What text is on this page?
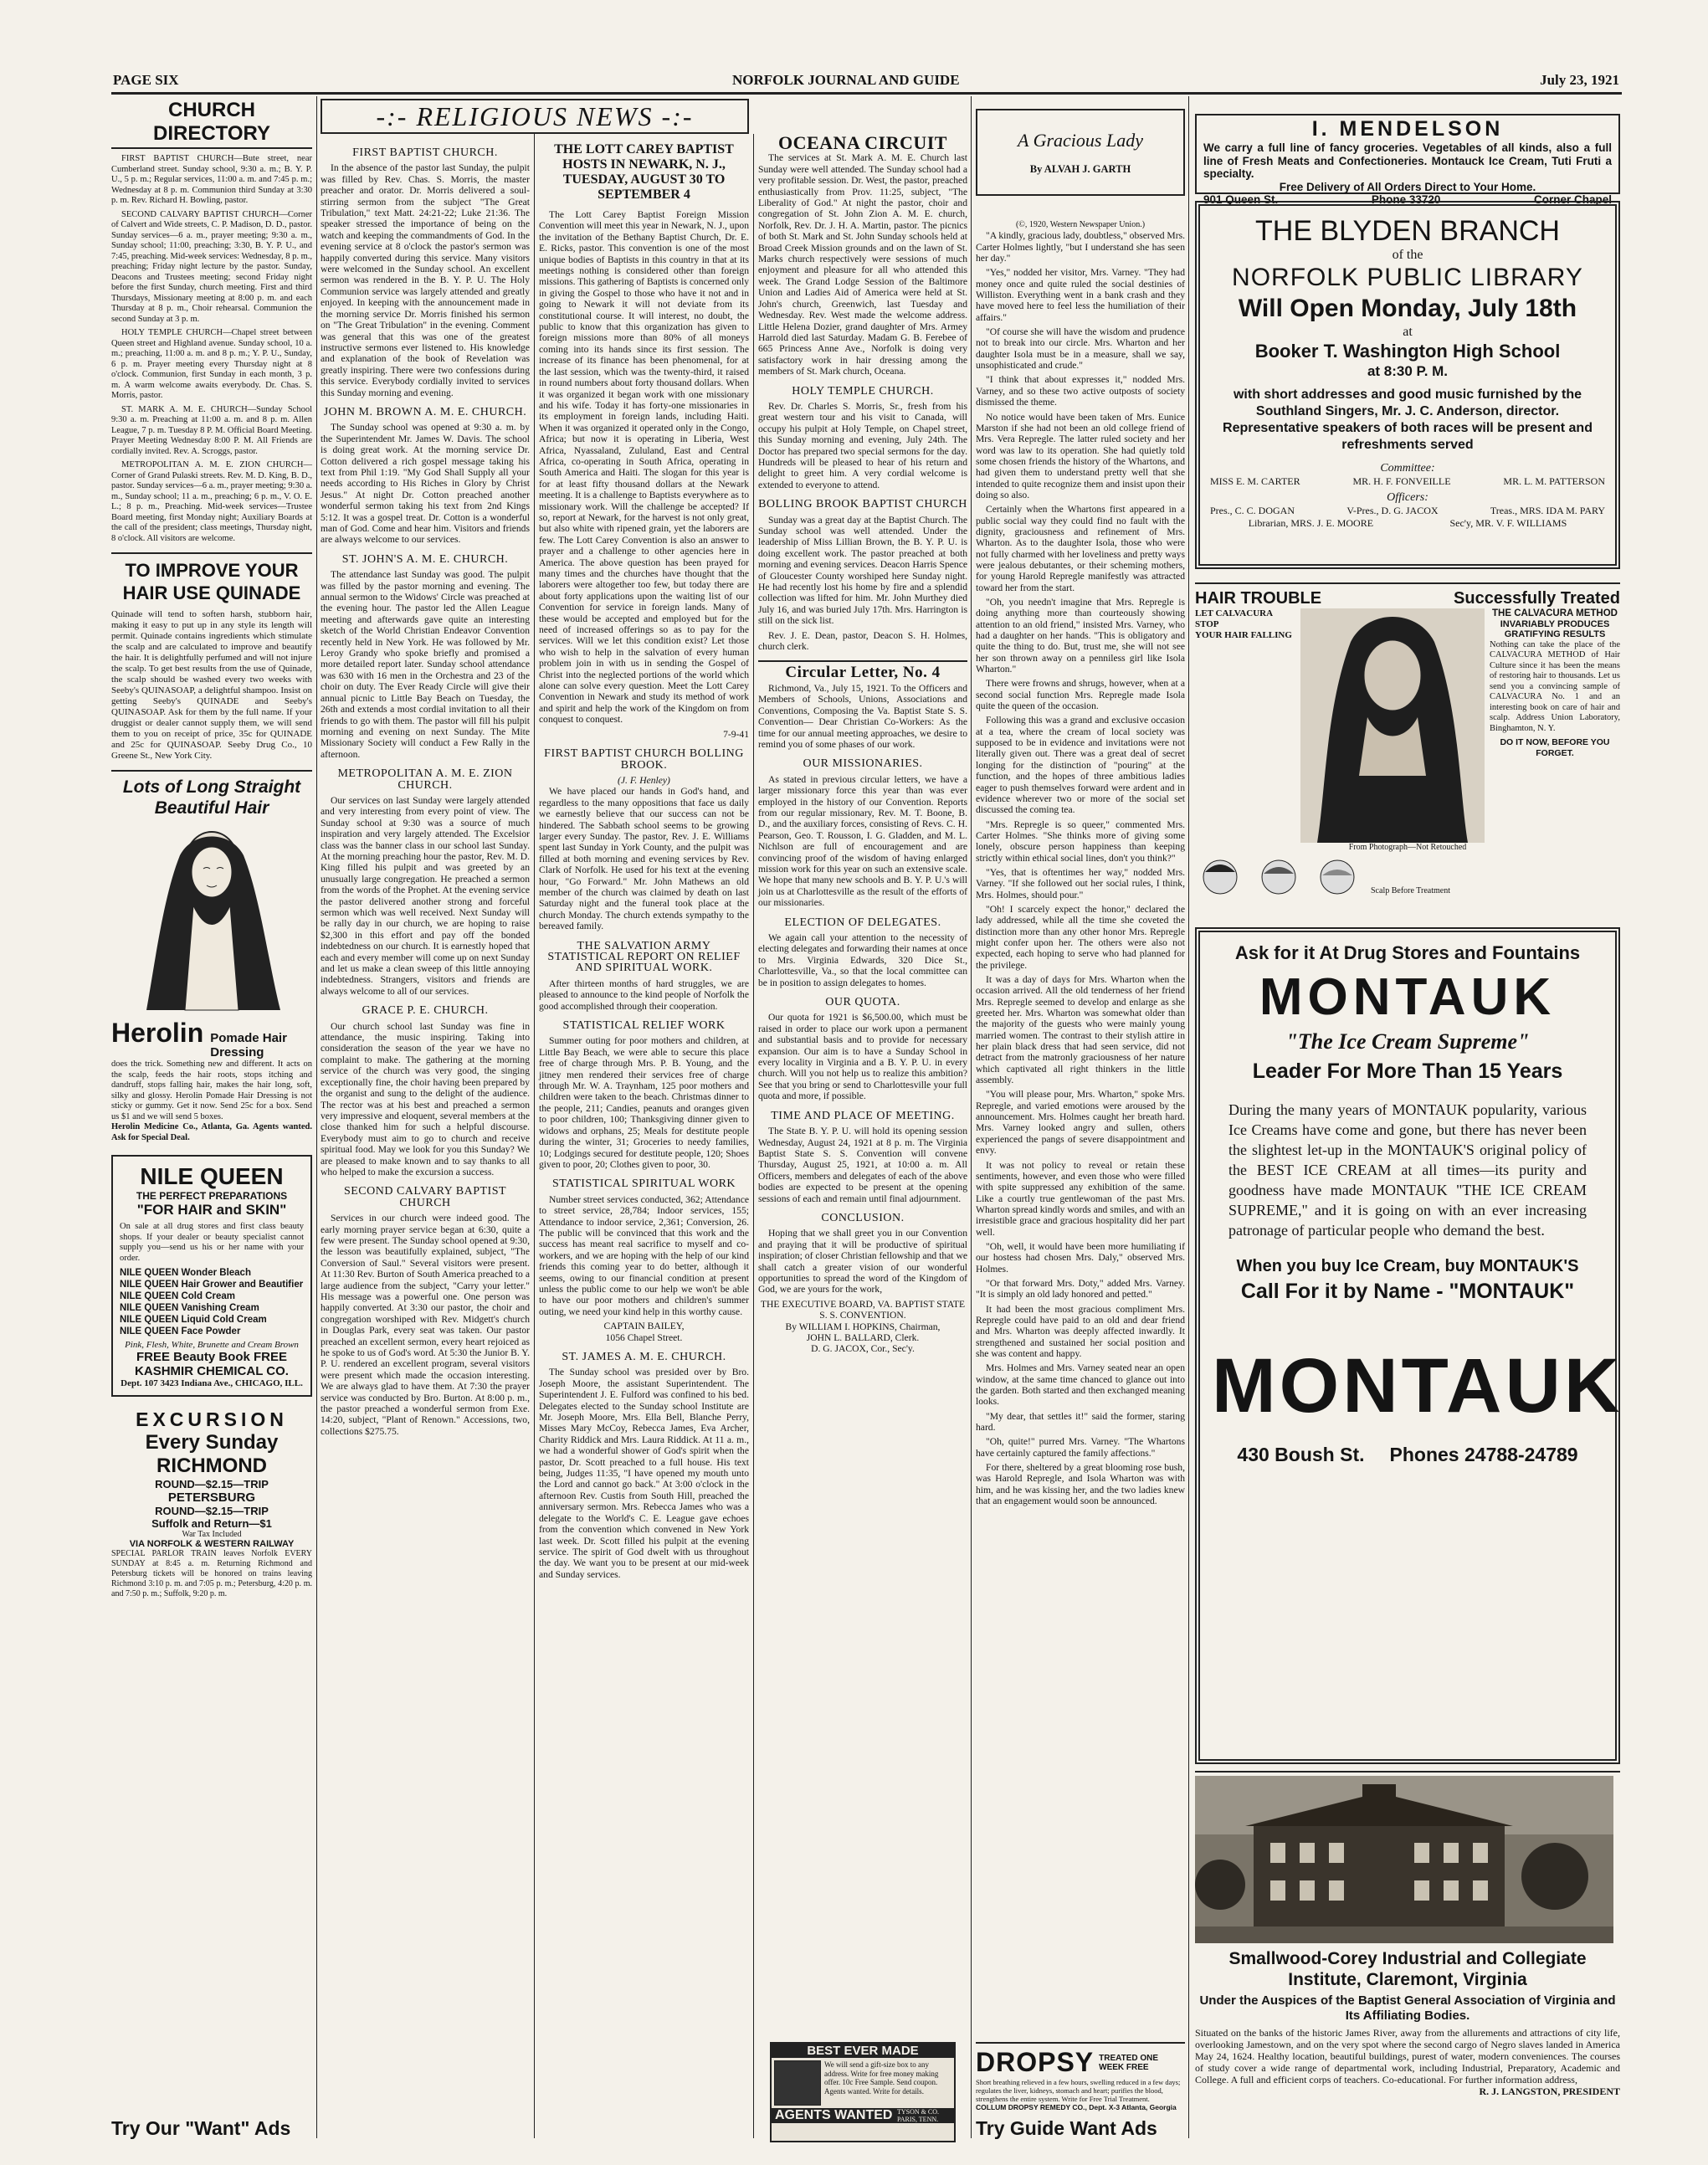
PAGE SIX	NORFOLK JOURNAL AND GUIDE	July 23, 1921
CHURCH DIRECTORY

FIRST BAPTIST CHURCH—Bute street, near Cumberland street. Sunday school, 9:30 a. m.; B. Y. P. U., 5 p. m.; Regular services, 11:00 a. m. and 7:45 p. m.; Wednesday at 8 p. m. Communion third Sunday at 3:30 p. m. Rev. Richard H. Bowling, pastor.

SECOND CALVARY BAPTIST CHURCH—Corner of Calvert and Wide streets, C. P. Madison, D. D., pastor. Sunday services—6 a. m., prayer meeting; 9:30 a. m., Sunday school; 11:00, preaching; 3:30, B. Y. P. U., and 7:45, preaching. Mid-week services: Wednesday, 8 p. m., preaching; Friday night lecture by the pastor. Sunday, Deacons and Trustees meeting; second Friday night before the first Sunday, church meeting. First and third Thursdays, Missionary meeting at 8:00 p. m. and each Thursday at 8 p. m., Choir rehearsal. Communion the second Sunday at 3 p. m.

HOLY TEMPLE CHURCH—Chapel street between Queen street and Highland avenue. Sunday school, 10 a. m.; preaching, 11:00 a. m. and 8 p. m.; Y. P. U., Sunday, 6 p. m. Prayer meeting every Thursday night at 8 o'clock. Communion, first Sunday in each month, 3 p. m. A warm welcome awaits everybody. Dr. Chas. S. Morris, pastor.

ST. MARK A. M. E. CHURCH—Sunday School 9:30 a. m. Preaching at 11:00 a. m. and 8 p. m. Allen League, 7 p. m. Tuesday 8 P. M. Official Board Meeting. Prayer Meeting Wednesday 8:00 P. M. All Friends are cordially invited. Rev. A. Scroggs, pastor.

METROPOLITAN A. M. E. ZION CHURCH—Corner of Grand Pulaski streets. Rev. M. D. King, B. D., pastor. Sunday services—6 a. m., prayer meeting; 9:30 a. m., Sunday school; 11 a. m., preaching; 6 p. m., V. O. E. L.; 8 p. m., Preaching. Mid-week services—Trustee Board meeting, first Monday night; Auxiliary Boards at the call of the president; class meetings, Thursday night, 8 o'clock. All visitors are welcome.

TO IMPROVE YOUR HAIR USE QUINADE
Quinade will tend to soften harsh, stubborn hair, making it easy to put up in any style its length will permit. Quinade contains ingredients which stimulate the scalp and are calculated to improve and beautify the hair. It is delightfully perfumed and will not injure the scalp. To get best results from the use of Quinade, the scalp should be washed every two weeks with Seeby's QUINASOAP, a delightful shampoo. Insist on getting Seeby's QUINADE and Seeby's QUINASOAP. Ask for them by the full name. If your druggist or dealer cannot supply them, we will send them to you on receipt of price, 35c for QUINADE and 25c for QUINASOAP. Seeby Drug Co., 10 Greene St., New York City.
Lots of Long Straight Beautiful Hair
Herolin Pomade Hair Dressing
does the trick. Something new and different. It acts on the scalp, feeds the hair roots, stops itching and dandruff, stops falling hair, makes the hair long, soft, silky and glossy. Herolin Pomade Hair Dressing is not sticky or gummy. Get it now. Send 25c for a box. Send us $1 and we will send 5 boxes.
Herolin Medicine Co., Atlanta, Ga. Agents wanted. Ask for Special Deal.
NILE QUEEN
THE PERFECT PREPARATIONS
"FOR HAIR and SKIN"
On sale at all drug stores and first class beauty shops. If your dealer or beauty specialist cannot supply you—send us his or her name with your order.
NILE QUEEN Wonder Bleach
NILE QUEEN Hair Grower and Beautifier
NILE QUEEN Cold Cream
NILE QUEEN Vanishing Cream
NILE QUEEN Liquid Cold Cream
NILE QUEEN Face Powder
Pink, Flesh, White, Brunette and Cream Brown
FREE Beauty Book FREE
KASHMIR CHEMICAL CO.
Dept. 107 3423 Indiana Ave., CHICAGO, ILL.
EXCURSION
Every Sunday
RICHMOND
ROUND—$2.15—TRIP
PETERSBURG
ROUND—$2.15—TRIP
Suffolk and Return—$1
War Tax Included
VIA NORFOLK & WESTERN RAILWAY
SPECIAL PARLOR TRAIN leaves Norfolk EVERY SUNDAY at 8:45 a. m. Returning Richmond and Petersburg tickets will be honored on trains leaving Richmond 3:10 p. m. and 7:05 p. m.; Petersburg, 4:20 p. m. and 7:50 p. m.; Suffolk, 9:20 p. m.
Try Our "Want" Ads
-:- RELIGIOUS NEWS -:-
FIRST BAPTIST CHURCH.

In the absence of the pastor last Sunday, the pulpit was filled by Rev. Chas. S. Morris, the master preacher and orator. Dr. Morris delivered a soul-stirring sermon from the subject "The Great Tribulation," text Matt. 24:21-22; Luke 21:36. The speaker stressed the importance of being on the watch and keeping the commandments of God. In the evening service at 8 o'clock the pastor's sermon was happily converted during this service. Many visitors were welcomed in the Sunday school. An excellent sermon was rendered in the B. Y. P. U. The Holy Communion service was largely attended and greatly enjoyed. In keeping with the announcement made in the morning service Dr. Morris finished his sermon on "The Great Tribulation" in the evening. Comment was general that this was one of the greatest instructive sermons ever listened to. His knowledge and explanation of the book of Revelation was greatly inspiring. There were two confessions during this service. Everybody cordially invited to services this Sunday morning and evening.

JOHN M. BROWN A. M. E. CHURCH.

The Sunday school was opened at 9:30 a. m. by the Superintendent Mr. James W. Davis. The school is doing great work. At the morning service Dr. Cotton delivered a rich gospel message taking his text from Phil 1:19. "My God Shall Supply all your needs according to His Riches in Glory by Christ Jesus." At night Dr. Cotton preached another wonderful sermon taking his text from 2nd Kings 5:12. It was a gospel treat. Dr. Cotton is a wonderful man of God. Come and hear him. Visitors and friends are always welcome to our services.

ST. JOHN'S A. M. E. CHURCH.

The attendance last Sunday was good. The pulpit was filled by the pastor morning and evening. The annual sermon to the Widows' Circle was preached at the evening hour. The pastor led the Allen League meeting and afterwards gave quite an interesting sketch of the World Christian Endeavor Convention recently held in New York. He was followed by Mr. Leroy Grandy who spoke briefly and promised a more detailed report later. Sunday school attendance was 630 with 16 men in the Orchestra and 23 of the choir on duty. The Ever Ready Circle will give their annual picnic to Little Bay Beach on Tuesday, the 26th and extends a most cordial invitation to all their friends to go with them. The pastor will fill his pulpit morning and evening on next Sunday. The Mite Missionary Society will conduct a Few Rally in the afternoon.

METROPOLITAN A. M. E. ZION CHURCH.

Our services on last Sunday were largely attended and very interesting from every point of view. The Sunday school at 9:30 was a source of much inspiration and very largely attended. The Excelsior class was the banner class in our school last Sunday. At the morning preaching hour the pastor, Rev. M. D. King filled his pulpit and was greeted by an unusually large congregation. He preached a sermon from the words of the Prophet. At the evening service the pastor delivered another strong and forceful sermon which was well received. Next Sunday will be rally day in our church, we are hoping to raise $2,300 in this effort and pay off the bonded indebtedness on our church. It is earnestly hoped that each and every member will come up on next Sunday and let us make a clean sweep of this little annoying indebtedness. Strangers, visitors and friends are always welcome to all of our services.

GRACE P. E. CHURCH.

Our church school last Sunday was fine in attendance, the music inspiring. Taking into consideration the season of the year we have no complaint to make. The gathering at the morning service of the church was very good, the singing exceptionally fine, the choir having been prepared by the organist and sung to the delight of the audience. The rector was at his best and preached a sermon very impressive and eloquent, several members at the close thanked him for such a helpful discourse. Everybody must aim to go to church and receive spiritual food. May we look for you this Sunday? We are pleased to make known and to say thanks to all who helped to make the excursion a success.

SECOND CALVARY BAPTIST CHURCH

Services in our church were indeed good. The early morning prayer service began at 6:30, quite a few were present. The Sunday school opened at 9:30, the lesson was beautifully explained, subject, "The Conversion of Saul." Several visitors were present. At 11:30 Rev. Burton of South America preached to a large audience from the subject, "Carry your letter." His message was a powerful one. One person was happily converted. At 3:30 our pastor, the choir and congregation worshiped with Rev. Midgett's church in Douglas Park, every seat was taken. Our pastor preached an excellent sermon, every heart rejoiced as he spoke to us of God's word. At 5:30 the Junior B. Y. P. U. rendered an excellent program, several visitors were present which made the occasion interesting. We are always glad to have them. At 7:30 the prayer service was conducted by Bro. Burton. At 8:00 p. m., the pastor preached a wonderful sermon from Exe. 14:20, subject, "Plant of Renown." Accessions, two, collections $275.75.

THE LOTT CAREY BAPTIST HOSTS IN NEWARK, N. J., TUESDAY, AUGUST 30 TO SEPTEMBER 4

The Lott Carey Baptist Foreign Mission Convention will meet this year in Newark, N. J., upon the invitation of the Bethany Baptist Church, Dr. E. E. Ricks, pastor. This convention is one of the most unique bodies of Baptists in this country in that at its meetings nothing is considered other than foreign missions. This gathering of Baptists is concerned only in giving the Gospel to those who have it not and in going to Newark it will not deviate from its constitutional course. It will interest, no doubt, the public to know that this organization has given to foreign missions more than 80% of all moneys coming into its hands since its first session. The increase of its finance has been phenomenal, for at the last session, which was the twenty-third, it raised in round numbers about forty thousand dollars. When it was organized it began work with one missionary and his wife. Today it has forty-one missionaries in its employment in foreign lands, including Haiti. When it was organized it operated only in the Congo, Africa; but now it is operating in Liberia, West Africa, Nyassaland, Zululand, East and Central Africa, co-operating in South Africa, operating in South America and Haiti. The slogan for this year is for at least fifty thousand dollars at the Newark meeting. It is a challenge to Baptists everywhere as to missionary work. Will the challenge be accepted? If so, report at Newark, for the harvest is not only great, but also white with ripened grain, yet the laborers are few. The Lott Carey Convention is also an answer to prayer and a challenge to other agencies here in America. The above question has been prayed for many times and the churches have thought that the laborers were altogether too few, but today there are about forty applications upon the waiting list of our Convention for service in foreign lands. Many of these would be accepted and employed but for the need of increased offerings so as to pay for the services. Will we let this condition exist? Let those who wish to help in the salvation of every human problem join in with us in sending the Gospel of Christ into the neglected portions of the world which alone can solve every question. Meet the Lott Carey Convention in Newark and study its method of work and spirit and help the work of the Kingdom on from conquest to conquest.

7-9-41
FIRST BAPTIST CHURCH BOLLING BROOK.
(J. F. Henley)

We have placed our hands in God's hand, and regardless to the many oppositions that face us daily we earnestly believe that our success can not be hindered. The Sabbath school seems to be growing larger every Sunday. The pastor, Rev. J. E. Williams spent last Sunday in York County, and the pulpit was filled at both morning and evening services by Rev. Clark of Norfolk. He used for his text at the evening hour, "Go Forward." Mr. John Mathews an old member of the church was claimed by death on last Saturday night and the funeral took place at the church Monday. The church extends sympathy to the bereaved family.

THE SALVATION ARMY STATISTICAL REPORT ON RELIEF AND SPIRITUAL WORK.

After thirteen months of hard struggles, we are pleased to announce to the kind people of Norfolk the good accomplished through their cooperation.

STATISTICAL RELIEF WORK

Summer outing for poor mothers and children, at Little Bay Beach, we were able to secure this place free of charge through Mrs. P. B. Young, and the jitney men rendered their services free of charge through Mr. W. A. Traynham, 125 poor mothers and children were taken to the beach. Christmas dinner to the people, 211; Candies, peanuts and oranges given to poor children, 100; Thanksgiving dinner given to widows and orphans, 25; Meals for destitute people during the winter, 31; Groceries to needy families, 10; Lodgings secured for destitute people, 120; Shoes given to poor, 20; Clothes given to poor, 30.

STATISTICAL SPIRITUAL WORK

Number street services conducted, 362; Attendance to street service, 28,784; Indoor services, 155; Attendance to indoor service, 2,361; Conversion, 26. The public will be convinced that this work and the success has meant real sacrifice to myself and co-workers, and we are hoping with the help of our kind friends this coming year to do better, although it seems, owing to our financial condition at present unless the public come to our help we won't be able to have our poor mothers and children's summer outing, we need your kind help in this worthy cause.

CAPTAIN BAILEY,
1056 Chapel Street.
ST. JAMES A. M. E. CHURCH.

The Sunday school was presided over by Bro. Joseph Moore, the assistant Superintendent. The Superintendent J. E. Fulford was confined to his bed. Delegates elected to the Sunday school Institute are Mr. Joseph Moore, Mrs. Ella Bell, Blanche Perry, Misses Mary McCoy, Rebecca James, Eva Archer, Charity Riddick and Mrs. Laura Riddick. At 11 a. m., we had a wonderful shower of God's spirit when the pastor, Dr. Scott preached to a full house. His text being, Judges 11:35, "I have opened my mouth unto the Lord and cannot go back." At 3:00 o'clock in the afternoon Rev. Custis from South Hill, preached the anniversary sermon. Mrs. Rebecca James who was a delegate to the World's C. E. League gave echoes from the convention which convened in New York last week. Dr. Scott filled his pulpit at the evening service. The spirit of God dwelt with us throughout the day. We want you to be present at our mid-week and Sunday services.

OCEANA CIRCUIT

The services at St. Mark A. M. E. Church last Sunday were well attended. The Sunday school had a very profitable session. Dr. West, the pastor, preached enthusiastically from Prov. 11:25, subject, "The Liberality of God." At night the pastor, choir and congregation of St. John Zion A. M. E. church, Norfolk, Rev. Dr. J. H. A. Martin, pastor. The picnics of both St. Mark and St. John Sunday schools held at Broad Creek Mission grounds and on the lawn of St. Marks church respectively were sessions of much enjoyment and pleasure for all who attended this week. The Grand Lodge Session of the Baltimore Union and Ladies Aid of America were held at St. John's church, Greenwich, last Tuesday and Wednesday. Rev. West made the welcome address. Little Helena Dozier, grand daughter of Mrs. Armey Harrold died last Saturday. Madam G. B. Ferebee of 665 Princess Anne Ave., Norfolk is doing very satisfactory work in hair dressing among the members of St. Mark church, Oceana.

HOLY TEMPLE CHURCH.

Rev. Dr. Charles S. Morris, Sr., fresh from his great western tour and his visit to Canada, will occupy his pulpit at Holy Temple, on Chapel street, this Sunday morning and evening, July 24th. The Doctor has prepared two special sermons for the day. Hundreds will be pleased to hear of his return and delight to greet him. A very cordial welcome is extended to everyone to attend.

BOLLING BROOK BAPTIST CHURCH

Sunday was a great day at the Baptist Church. The Sunday school was well attended. Under the leadership of Miss Lillian Brown, the B. Y. P. U. is doing excellent work. The pastor preached at both morning and evening services. Deacon Harris Spence of Gloucester County worshiped here Sunday night. He had recently lost his home by fire and a splendid collection was lifted for him. Mr. John Murthey died July 16, and was buried July 17th. Mrs. Harrington is still on the sick list.

Rev. J. E. Dean, pastor, Deacon S. H. Holmes, church clerk.

Circular Letter, No. 4

Richmond, Va., July 15, 1921. To the Officers and Members of Schools, Unions, Associations and Conventions, Composing the Va. Baptist State S. S. Convention— Dear Christian Co-Workers: As the time for our annual meeting approaches, we desire to remind you of some phases of our work.

OUR MISSIONARIES.

As stated in previous circular letters, we have a larger missionary force this year than was ever employed in the history of our Convention. Reports from our regular missionary, Rev. M. T. Boone, B. D., and the auxiliary forces, consisting of Revs. C. H. Pearson, Geo. T. Rousson, I. G. Gladden, and M. L. Nichlson are full of encouragement and are convincing proof of the wisdom of having enlarged mission work for this year on such an extensive scale. We hope that many new schools and B. Y. P. U.'s will join us at Charlottesville as the result of the efforts of our missionaries.

ELECTION OF DELEGATES.

We again call your attention to the necessity of electing delegates and forwarding their names at once to Mrs. Virginia Edwards, 320 Dice St., Charlottesville, Va., so that the local committee can be in position to assign delegates to homes.

OUR QUOTA.

Our quota for 1921 is $6,500.00, which must be raised in order to place our work upon a permanent and substantial basis and to provide for necessary expansion. Our aim is to have a Sunday School in every locality in Virginia and a B. Y. P. U. in every church. Will you not help us to realize this ambition? See that you bring or send to Charlottesville your full quota and more, if possible.

TIME AND PLACE OF MEETING.

The State B. Y. P. U. will hold its opening session Wednesday, August 24, 1921 at 8 p. m. The Virginia Baptist State S. S. Convention will convene Thursday, August 25, 1921, at 10:00 a. m. All Officers, members and delegates of each of the above bodies are expected to be present at the opening sessions of each and remain until final adjournment.

CONCLUSION.

Hoping that we shall greet you in our Convention and praying that it will be productive of spiritual inspiration; of closer Christian fellowship and that we shall catch a greater vision of our wonderful opportunities to spread the word of the Kingdom of God, we are yours for the work,

THE EXECUTIVE BOARD, VA. BAPTIST STATE S. S. CONVENTION.
By WILLIAM I. HOPKINS, Chairman,
JOHN L. BALLARD, Clerk.
D. G. JACOX, Cor., Sec'y.
BEST EVER MADE
We will send a gift-size box to any address. Write for free money making offer. 10c Free Sample. Send coupon. Agents wanted. Write for details.
AGENTS WANTED TYSON & CO. PARIS, TENN.
A Gracious Lady
By ALVAH J. GARTH
(©, 1920, Western Newspaper Union.)

"A kindly, gracious lady, doubtless," observed Mrs. Carter Holmes lightly, "but I understand she has seen her day."

"Yes," nodded her visitor, Mrs. Varney. "They had money once and quite ruled the social destinies of Williston. Everything went in a bank crash and they have moved here to feel less the humiliation of their affairs."

"Of course she will have the wisdom and prudence not to break into our circle. Mrs. Wharton and her daughter Isola must be in a measure, shall we say, unsophisticated and crude."

"I think that about expresses it," nodded Mrs. Varney, and so these two active outposts of society dismissed the theme.

No notice would have been taken of Mrs. Eunice Marston if she had not been an old college friend of Mrs. Vera Repregle. The latter ruled society and her word was law to its operation. She had quietly told some chosen friends the history of the Whartons, and had given them to understand pretty well that she intended to quite recognize them and insist upon their doing so also.

Certainly when the Whartons first appeared in a public social way they could find no fault with the dignity, graciousness and refinement of Mrs. Wharton. As to the daughter Isola, those who were not fully charmed with her loveliness and pretty ways were jealous debutantes, or their scheming mothers, for young Harold Repregle manifestly was attracted toward her from the start.

"Oh, you needn't imagine that Mrs. Repregle is doing anything more than courteously showing attention to an old friend," insisted Mrs. Varney, who had a daughter on her hands. "This is obligatory and quite the thing to do. But, trust me, she will not see her son thrown away on a penniless girl like Isola Wharton."

There were frowns and shrugs, however, when at a second social function Mrs. Repregle made Isola quite the queen of the occasion.

Following this was a grand and exclusive occasion at a tea, where the cream of local society was supposed to be in evidence and invitations were not literally given out. There was a great deal of secret longing for the distinction of "pouring" at the function, and the hopes of three ambitious ladies eager to push themselves forward were ardent and in evidence wherever two or more of the social set discussed the coming tea.

"Mrs. Repregle is so queer," commented Mrs. Carter Holmes. "She thinks more of giving some lonely, obscure person happiness than keeping strictly within ethical social lines, don't you think?"

"Yes, that is oftentimes her way," nodded Mrs. Varney. "If she followed out her social rules, I think, Mrs. Holmes, should pour."

"Oh! I scarcely expect the honor," declared the lady addressed, while all the time she coveted the distinction more than any other honor Mrs. Repregle might confer upon her. The others were also not expected, each hoping to serve who had planned for the privilege.

It was a day of days for Mrs. Wharton when the occasion arrived. All the old tenderness of her friend Mrs. Repregle seemed to develop and enlarge as she greeted her. Mrs. Wharton was somewhat older than the majority of the guests who were mainly young married women. The contrast to their stylish attire in her plain black dress that had seen service, did not detract from the matronly graciousness of her nature which captivated all right thinkers in the little assembly.

"You will please pour, Mrs. Wharton," spoke Mrs. Repregle, and varied emotions were aroused by the announcement. Mrs. Holmes caught her breath hard. Mrs. Varney looked angry and sullen, others experienced the pangs of severe disappointment and envy.

It was not policy to reveal or retain these sentiments, however, and even those who were filled with spite suppressed any exhibition of the same. Like a courtly true gentlewoman of the past Mrs. Wharton spread kindly words and smiles, and with an irresistible grace and gracious hospitality did her part well.

"Oh, well, it would have been more humiliating if our hostess had chosen Mrs. Daly," observed Mrs. Holmes.

"Or that forward Mrs. Doty," added Mrs. Varney. "It is simply an old lady honored and petted."

It had been the most gracious compliment Mrs. Repregle could have paid to an old and dear friend and Mrs. Wharton was deeply affected inwardly. It strengthened and sustained her social position and she was content and happy.

Mrs. Holmes and Mrs. Varney seated near an open window, at the same time chanced to glance out into the garden. Both started and then exchanged meaning looks.

"My dear, that settles it!" said the former, staring hard.

"Oh, quite!" purred Mrs. Varney. "The Whartons have certainly captured the family affections."

For there, sheltered by a great blooming rose bush, was Harold Repregle, and Isola Wharton was with him, and he was kissing her, and the two ladies knew that an engagement would soon be announced.

DROPSY TREATED ONE WEEK FREE
Short breathing relieved in a few hours, swelling reduced in a few days; regulates the liver, kidneys, stomach and heart; purifies the blood, strengthens the entire system. Write for Free Trial Treatment.
COLLUM DROPSY REMEDY CO., Dept. X-3 Atlanta, Georgia
Try Guide Want Ads
I. MENDELSON
We carry a full line of fancy groceries. Vegetables of all kinds, also a full line of Fresh Meats and Confectioneries. Montauck Ice Cream, Tuti Fruti a specialty.
Free Delivery of All Orders Direct to Your Home.
901 Queen St.	Phone 33720	Corner Chapel
THE BLYDEN BRANCH
of the
NORFOLK PUBLIC LIBRARY
Will Open Monday, July 18th
at
Booker T. Washington High School
at 8:30 P. M.
with short addresses and good music furnished by the Southland Singers, Mr. J. C. Anderson, director. Representative speakers of both races will be present and refreshments served
Committee:
MISS E. M. CARTER	MR. H. F. FONVEILLE	MR. L. M. PATTERSON
Officers:
Pres., C. C. DOGAN	V-Pres., D. G. JACOX	Treas., MRS. IDA M. PARY
Librarian, MRS. J. E. MOORE	Sec'y, MR. V. F. WILLIAMS
HAIR TROUBLE	Successfully Treated
LET CALVACURA STOP
YOUR HAIR FALLING
THE CALVACURA METHOD
INVARIABLY PRODUCES
GRATIFYING RESULTS
Nothing can take the place of the CALVACURA METHOD of Hair Culture since it has been the means of restoring hair to thousands. Let us send you a convincing sample of CALVACURA No. 1 and an interesting book on care of hair and scalp. Address Union Laboratory, Binghamton, N. Y.
DO IT NOW, BEFORE YOU FORGET.
From Photograph—Not Retouched
Scalp Before Treatment
Ask for it At Drug Stores and Fountains
MONTAUK
"The Ice Cream Supreme"
Leader For More Than 15 Years
During the many years of MONTAUK popularity, various Ice Creams have come and gone, but there has never been the slightest let-up in the MONTAUK'S original policy of the BEST ICE CREAM at all times—its purity and goodness have made MONTAUK "THE ICE CREAM SUPREME," and it is going on with an ever increasing patronage of particular people who demand the best.
When you buy Ice Cream, buy MONTAUK'S
Call For it by Name - "MONTAUK"
MONTAUK
430 Boush St. Phones 24788-24789
Smallwood-Corey Industrial and Collegiate Institute, Claremont, Virginia
Under the Auspices of the Baptist General Association of Virginia and Its Affiliating Bodies.
Situated on the banks of the historic James River, away from the allurements and attractions of city life, overlooking Jamestown, and on the very spot where the second cargo of Negro slaves landed in America May 24, 1624. Healthy location, beautiful buildings, purest of water, modern conveniences. The courses of study cover a wide range of departmental work, including Industrial, Preparatory, Academic and College. A full and efficient corps of teachers. Co-educational. For further information address,
R. J. LANGSTON, PRESIDENT
